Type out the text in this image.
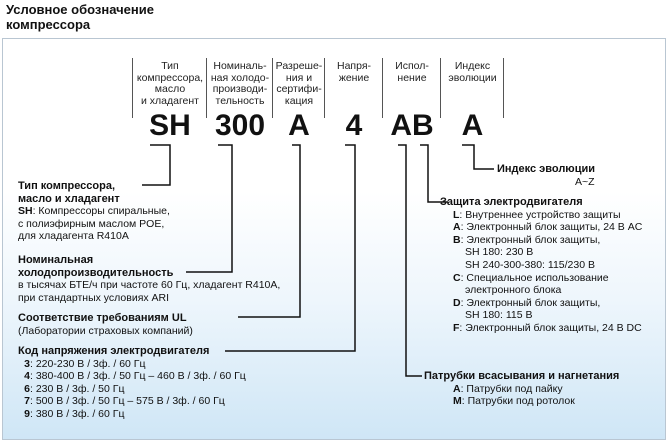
Условное обозначение
компрессора
Тип
компрессора,
масло
и хладагент
Номиналь-
ная холодо-
производи-
тельность
Разреше-
ния и
сертифи-
кация
Напря-
жение
Испол-
нение
Индекс
эволюции
SH 300 A	4 AB A
Тип компрессора,
масло и хладагент
SH: Компрессоры спиральные,
с полиэфирным маслом POE,
для хладагента R410A
Номинальная
холодопроизводительность
в тысячах БТЕ/ч при частоте 60 Гц, хладагент R410A,
при стандартных условиях ARI
Соответствие требованиям UL
(Лаборатории страховых компаний)
Код напряжения электродвигателя
3: 220-230 В / 3ф. / 60 Гц
4: 380-400 В / 3ф. / 50 Гц – 460 В / 3ф. / 60 Гц
6: 230 В / 3ф. / 50 Гц
7: 500 В / 3ф. / 50 Гц – 575 В / 3ф. / 60 Гц
9: 380 В / 3ф. / 60 Гц
Индекс эволюции
A~Z
Защита электродвигателя
L: Внутреннее устройство защиты
A: Электронный блок защиты, 24 В AC
B: Электронный блок защиты,
SH 180: 230 В
SH 240-300-380: 115/230 В
C: Специальное использование
электронного блока
D: Электронный блок защиты,
SH 180: 115 В
F: Электронный блок защиты, 24 В DC
Патрубки всасывания и нагнетания
A: Патрубки под пайку
M: Патрубки под ротолок
